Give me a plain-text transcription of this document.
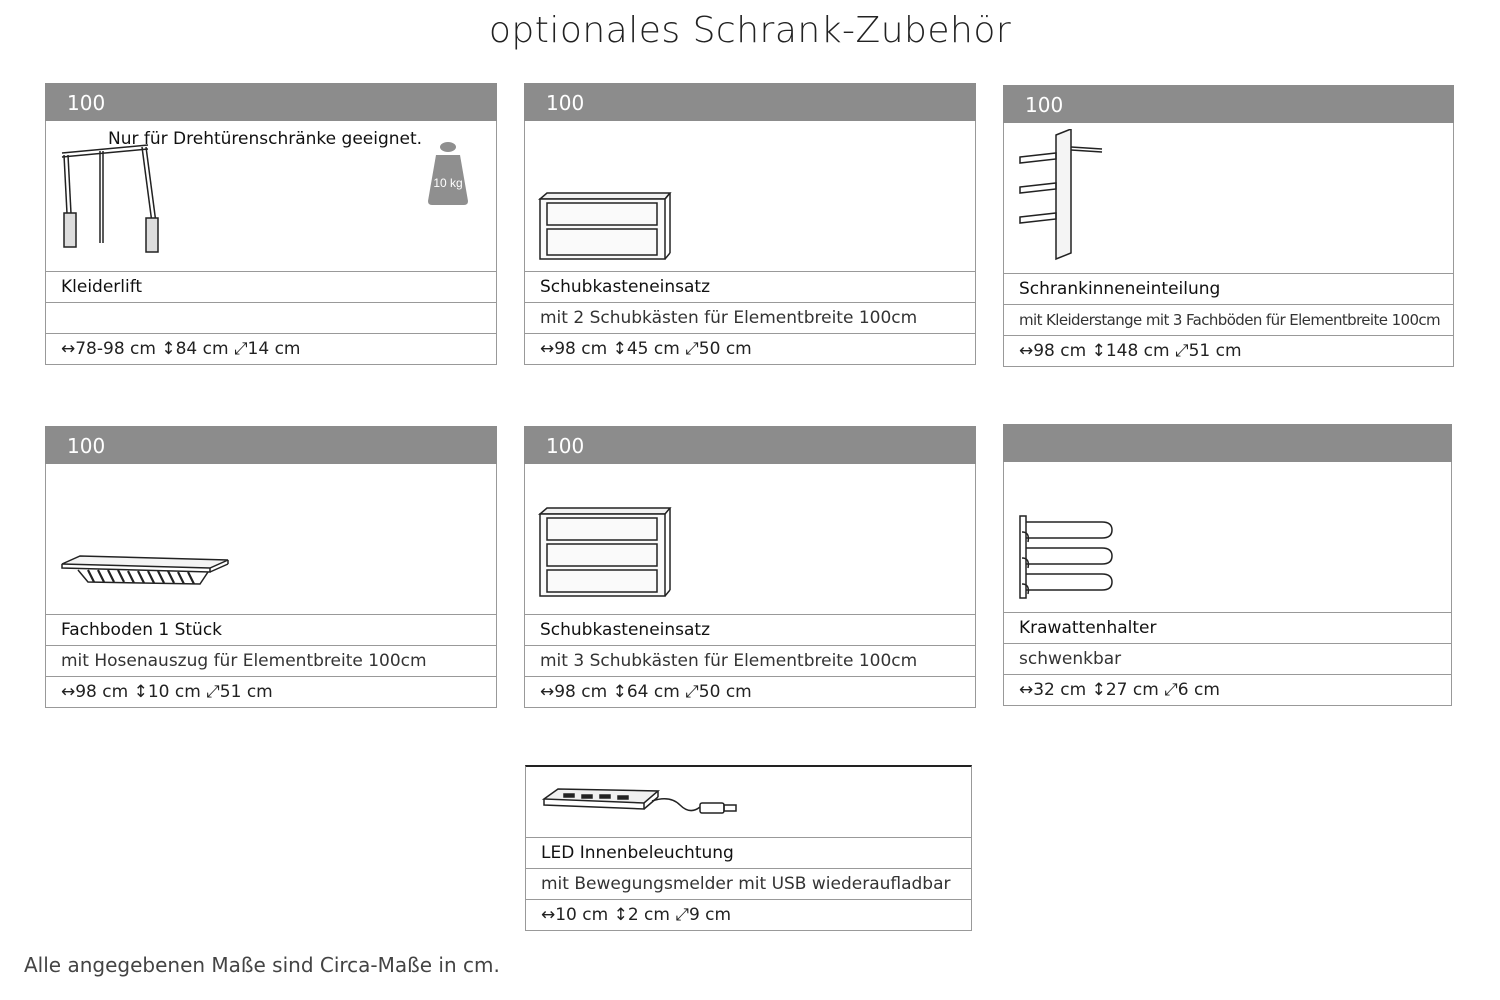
optionales Schrank-Zubehör
100
Nur für Drehtürenschränke geeignet.
10 kg
Kleiderlift
↔78-98 cm ↕84 cm ⤢14 cm
100
Schubkasteneinsatz
mit 2 Schubkästen für Elementbreite 100cm
↔98 cm ↕45 cm ⤢50 cm
100
Schrankinneneinteilung
mit Kleiderstange mit 3 Fachböden für Elementbreite 100cm
↔98 cm ↕148 cm ⤢51 cm
100
Fachboden 1 Stück
mit Hosenauszug für Elementbreite 100cm
↔98 cm ↕10 cm ⤢51 cm
100
Schubkasteneinsatz
mit 3 Schubkästen für Elementbreite 100cm
↔98 cm ↕64 cm ⤢50 cm
Krawattenhalter
schwenkbar
↔32 cm ↕27 cm ⤢6 cm
LED Innenbeleuchtung
mit Bewegungsmelder mit USB wiederaufladbar
↔10 cm ↕2 cm ⤢9 cm
Alle angegebenen Maße sind Circa-Maße in cm.
